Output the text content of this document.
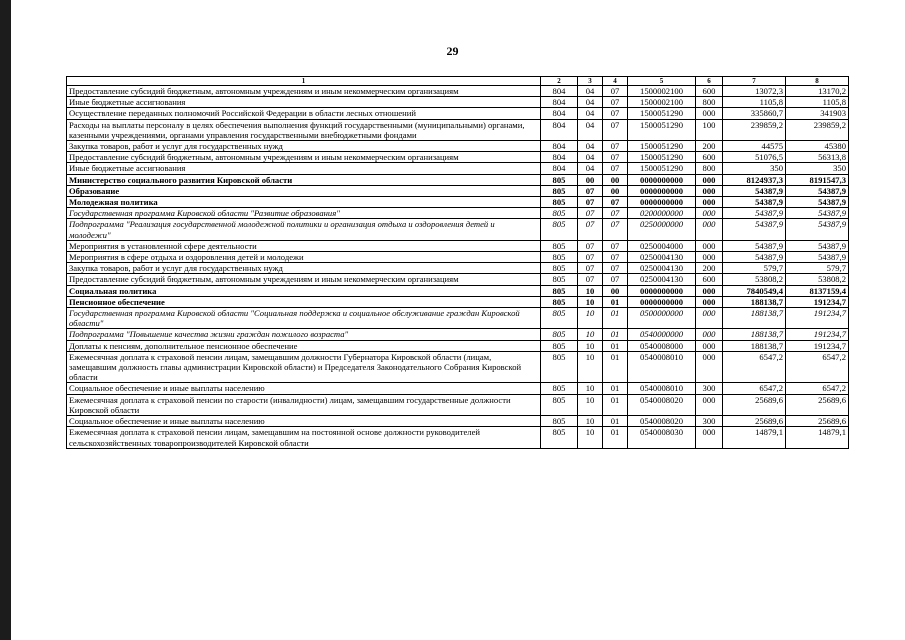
29
1	2	3	4	5	6	7	8
Предоставление субсидий бюджетным, автономным учреждениям и иным некоммерческим организациям	804	04	07	1500002100	600	13072,3	13170,2
Иные бюджетные ассигнования	804	04	07	1500002100	800	1105,8	1105,8
Осуществление переданных полномочий Российской Федерации в области лесных отношений	804	04	07	1500051290	000	335860,7	341903
Расходы на выплаты персоналу в целях обеспечения выполнения функций государственными (муниципальными) органами, казенными учреждениями, органами управления государственными внебюджетными фондами	804	04	07	1500051290	100	239859,2	239859,2
Закупка товаров, работ и услуг для государственных нужд	804	04	07	1500051290	200	44575	45380
Предоставление субсидий бюджетным, автономным учреждениям и иным некоммерческим организациям	804	04	07	1500051290	600	51076,5	56313,8
Иные бюджетные ассигнования	804	04	07	1500051290	800	350	350
Министерство социального развития Кировской области	805	00	00	0000000000	000	8124937,3	8191547,3
Образование	805	07	00	0000000000	000	54387,9	54387,9
Молодежная политика	805	07	07	0000000000	000	54387,9	54387,9
Государственная программа Кировской области "Развитие образования"	805	07	07	0200000000	000	54387,9	54387,9
Подпрограмма "Реализация государственной молодежной политики и организация отдыха и оздоровления детей и молодежи"	805	07	07	0250000000	000	54387,9	54387,9
Мероприятия в установленной сфере деятельности	805	07	07	0250004000	000	54387,9	54387,9
Мероприятия в сфере отдыха и оздоровления детей и молодежи	805	07	07	0250004130	000	54387,9	54387,9
Закупка товаров, работ и услуг для государственных нужд	805	07	07	0250004130	200	579,7	579,7
Предоставление субсидий бюджетным, автономным учреждениям и иным некоммерческим организациям	805	07	07	0250004130	600	53808,2	53808,2
Социальная политика	805	10	00	0000000000	000	7840549,4	8137159,4
Пенсионное обеспечение	805	10	01	0000000000	000	188138,7	191234,7
Государственная программа Кировской области "Социальная поддержка и социальное обслуживание граждан Кировской области"	805	10	01	0500000000	000	188138,7	191234,7
Подпрограмма "Повышение качества жизни граждан пожилого возраста"	805	10	01	0540000000	000	188138,7	191234,7
Доплаты к пенсиям, дополнительное пенсионное обеспечение	805	10	01	0540008000	000	188138,7	191234,7
Ежемесячная доплата к страховой пенсии лицам, замещавшим должности Губернатора Кировской области (лицам, замещавшим должность главы администрации Кировской области) и Председателя Законодательного Собрания Кировской области	805	10	01	0540008010	000	6547,2	6547,2
Социальное обеспечение и иные выплаты населению	805	10	01	0540008010	300	6547,2	6547,2
Ежемесячная доплата к страховой пенсии по старости (инвалидности) лицам, замещавшим государственные должности Кировской области	805	10	01	0540008020	000	25689,6	25689,6
Социальное обеспечение и иные выплаты населению	805	10	01	0540008020	300	25689,6	25689,6
Ежемесячная доплата к страховой пенсии лицам, замещавшим на постоянной основе должности руководителей сельскохозяйственных товаропроизводителей Кировской области	805	10	01	0540008030	000	14879,1	14879,1
